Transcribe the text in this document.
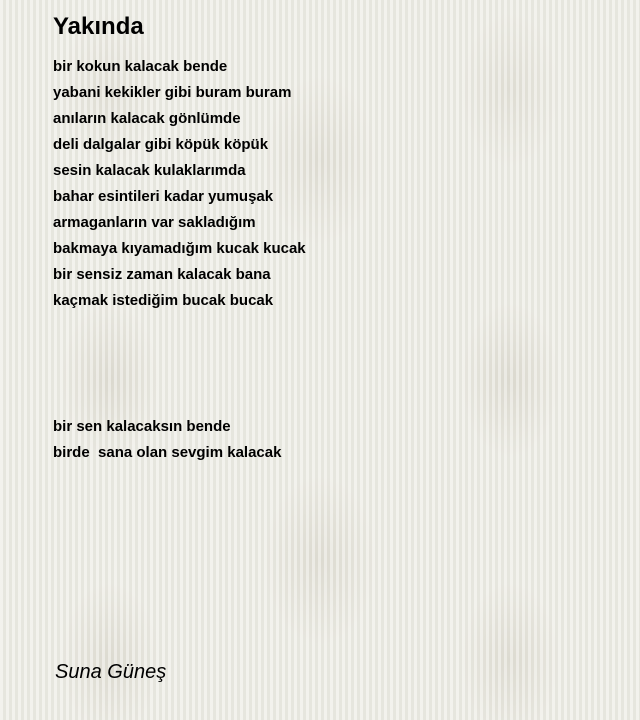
Yakında
bir kokun kalacak bende
yabani kekikler gibi buram buram
anıların kalacak gönlümde
deli dalgalar gibi köpük köpük
sesin kalacak kulaklarımda
bahar esintileri kadar yumuşak
armaganların var sakladığım
bakmaya kıyamadığım kucak kucak
bir sensiz zaman kalacak bana
kaçmak istediğim bucak bucak
bir sen kalacaksın bende
birde  sana olan sevgim kalacak

Suna Güneş
